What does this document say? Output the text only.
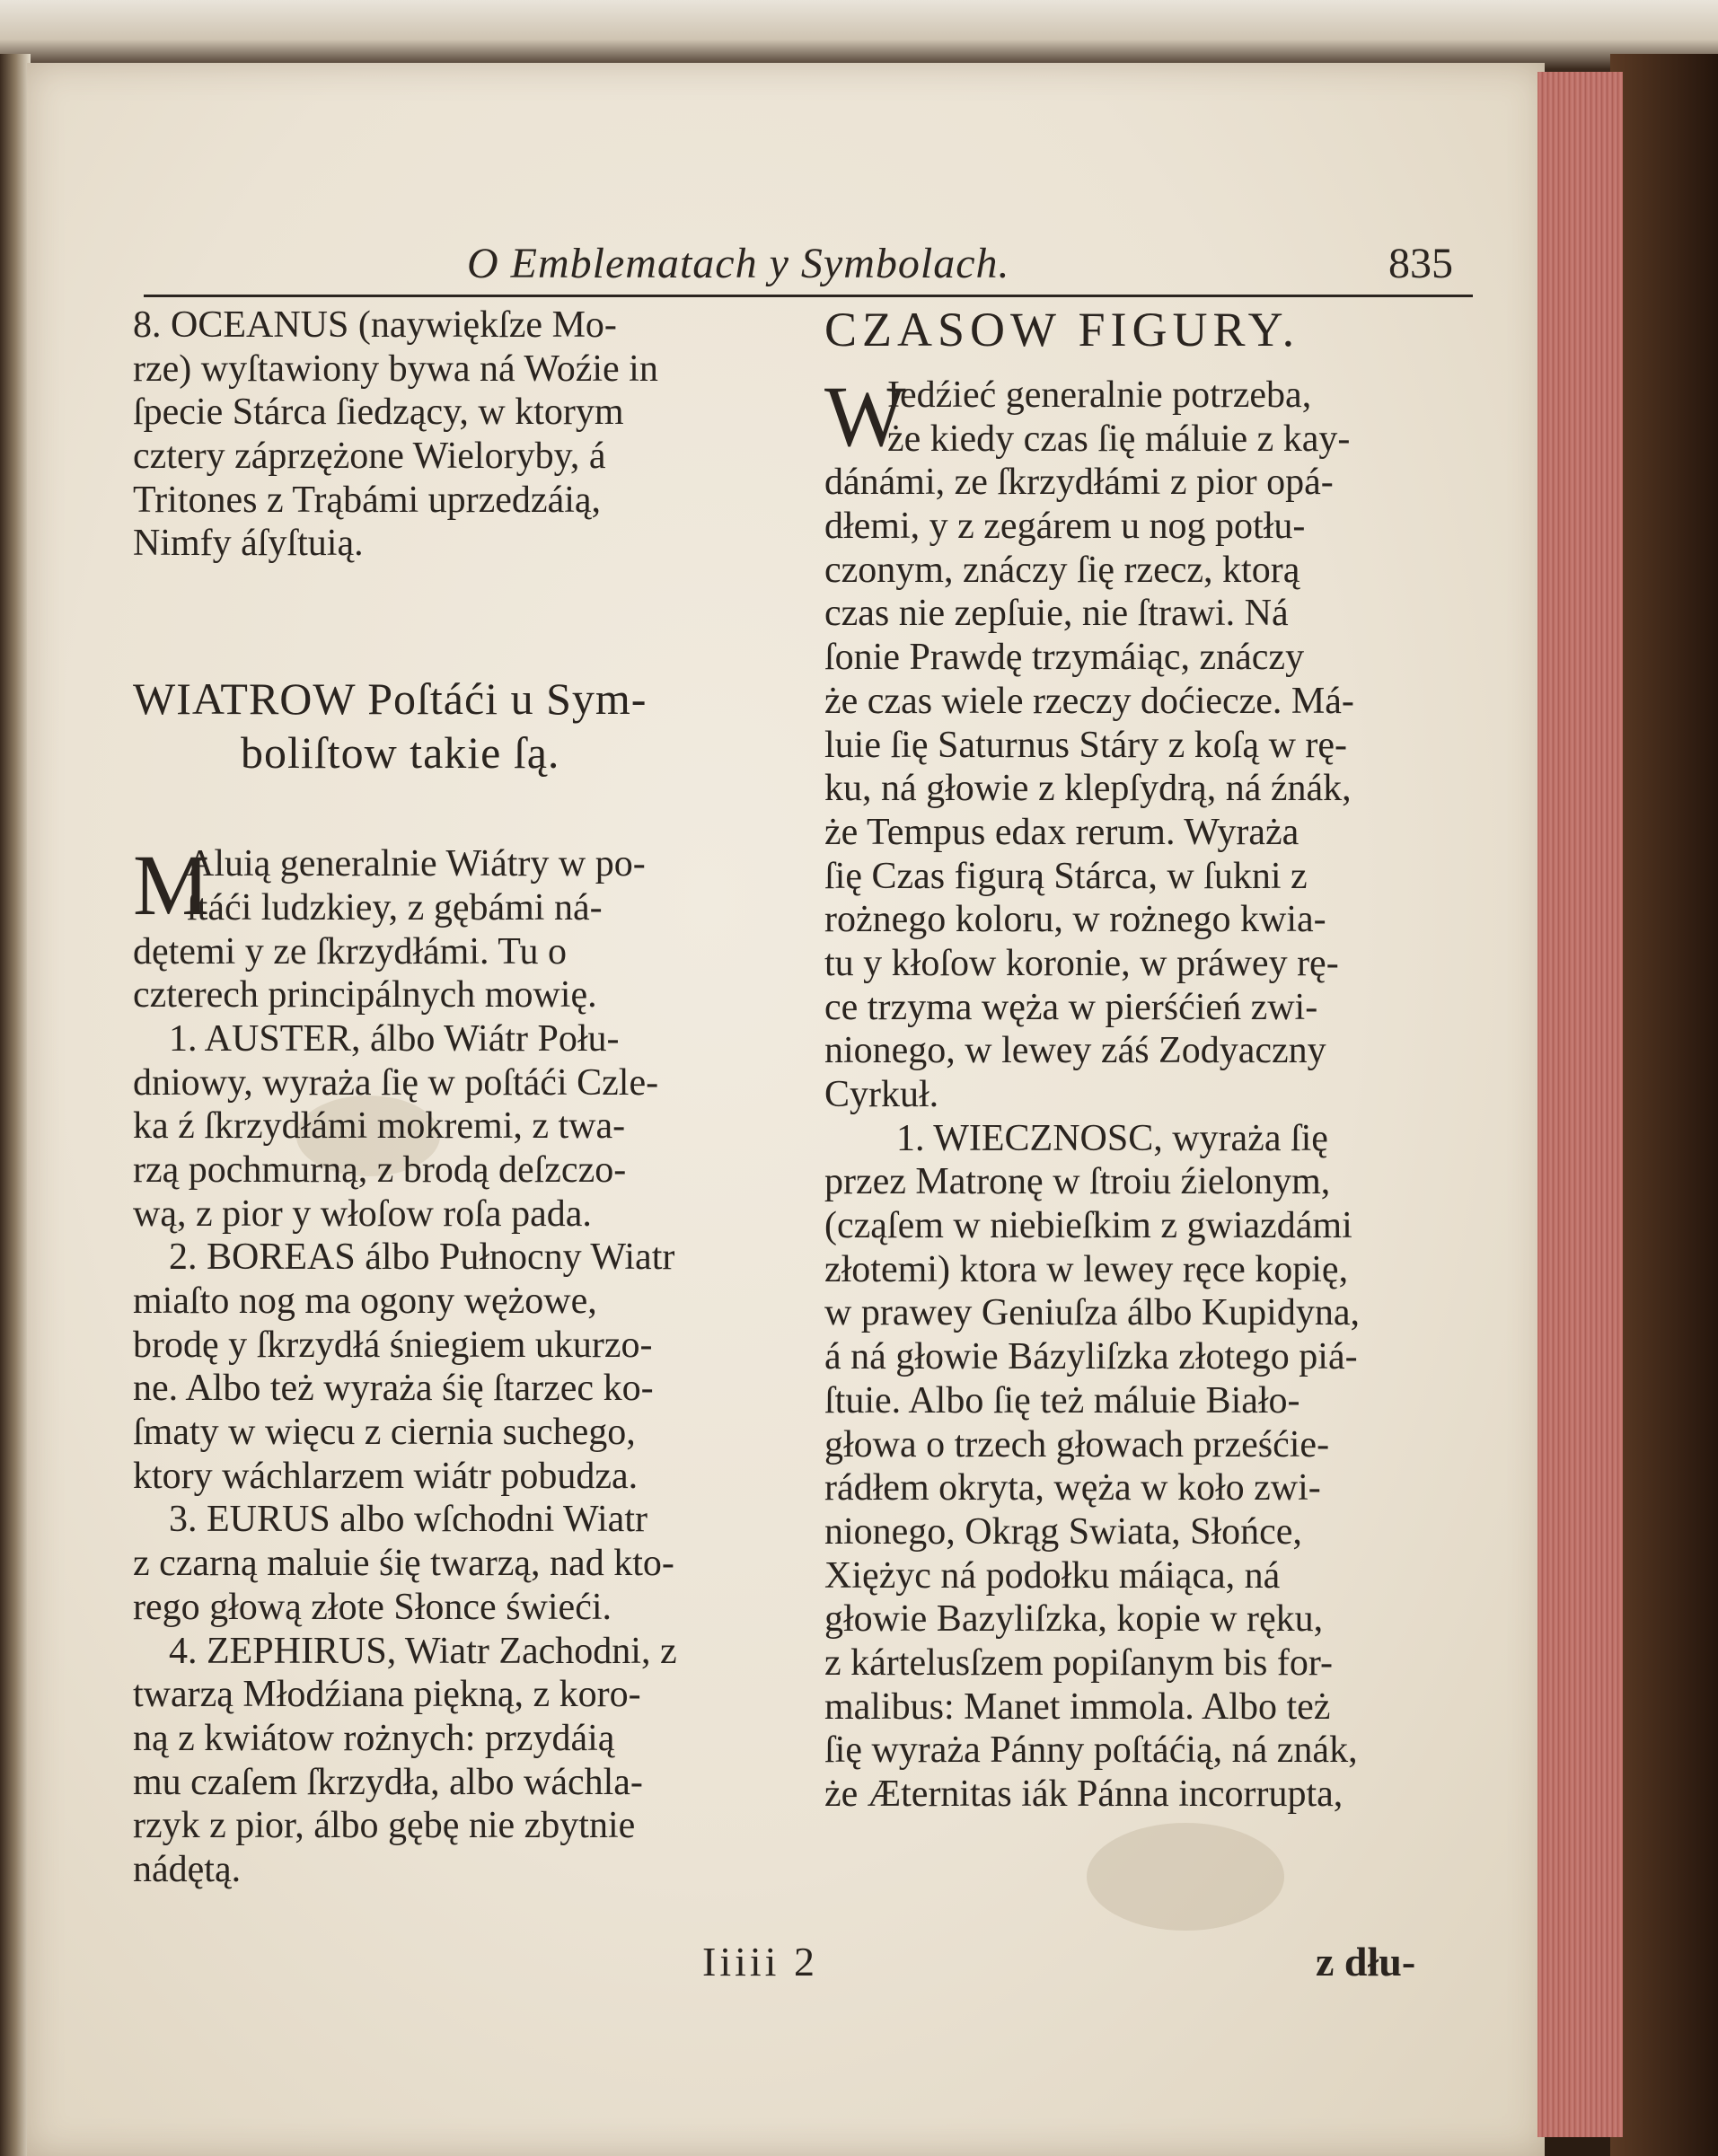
O Emblematach y Symbolach.	835
8. OCEANUS (naywiękſze Mo-
rze) wyſtawiony bywa ná Woźie in
ſpecie Stárca ſiedzący, w ktorym
cztery záprzężone Wieloryby, á
Tritones z Trąbámi uprzedzáią,
Nimfy áſyſtuią.
WIATROW Poſtáći u Sym-
boliſtow takie ſą.
M
Aluią generalnie Wiátry w po-
ſtáći ludzkiey, z gębámi ná-
dętemi y ze ſkrzydłámi. Tu o
czterech principálnych mowię.
1. AUSTER, álbo Wiátr Połu-
dniowy, wyraża ſię w poſtáći Czle-
ka ź ſkrzydłámi mokremi, z twa-
rzą pochmurną, z brodą deſzczo-
wą, z pior y włoſow roſa pada.
2. BOREAS álbo Pułnocny Wiatr
miaſto nog ma ogony wężowe,
brodę y ſkrzydłá śniegiem ukurzo-
ne. Albo też wyraża śię ſtarzec ko-
ſmaty w więcu z ciernia suchego,
ktory wáchlarzem wiátr pobudza.
3. EURUS albo wſchodni Wiatr
z czarną maluie śię twarzą, nad kto-
rego głową złote Słonce świeći.
4. ZEPHIRUS, Wiatr Zachodni, z
twarzą Młodźiana piękną, z koro-
ną z kwiátow rożnych: przydáią
mu czaſem ſkrzydła, albo wáchla-
rzyk z pior, álbo gębę nie zbytnie
nádętą.
CZASOW FIGURY.
W
Iedźieć generalnie potrzeba,
że kiedy czas ſię máluie z kay-
dánámi, ze ſkrzydłámi z pior opá-
dłemi, y z zegárem u nog potłu-
czonym, znáczy ſię rzecz, ktorą
czas nie zepſuie, nie ſtrawi. Ná
ſonie Prawdę trzymáiąc, znáczy
że czas wiele rzeczy doćiecze. Má-
luie ſię Saturnus Stáry z koſą w rę-
ku, ná głowie z klepſydrą, ná źnák,
że Tempus edax rerum. Wyraża
ſię Czas figurą Stárca, w ſukni z
rożnego koloru, w rożnego kwia-
tu y kłoſow koronie, w práwey rę-
ce trzyma węża w pierśćień zwi-
nionego, w lewey záś Zodyaczny
Cyrkuł.
1. WIECZNOSC, wyraża ſię
przez Matronę w ſtroiu źielonym,
(cząſem w niebieſkim z gwiazdámi
złotemi) ktora w lewey ręce kopię,
w prawey Geniuſza álbo Kupidyna,
á ná głowie Bázyliſzka złotego piá-
ſtuie. Albo ſię też máluie Biało-
głowa o trzech głowach prześćie-
rádłem okryta, węża w koło zwi-
nionego, Okrąg Swiata, Słońce,
Xiężyc ná podołku máiąca, ná
głowie Bazyliſzka, kopie w ręku,
z kártelusſzem popiſanym bis for-
malibus: Manet immola. Albo też
ſię wyraża Pánny poſtáćią, ná znák,
że Æternitas iák Pánna incorrupta,
Iiiii 2	z dłu-
